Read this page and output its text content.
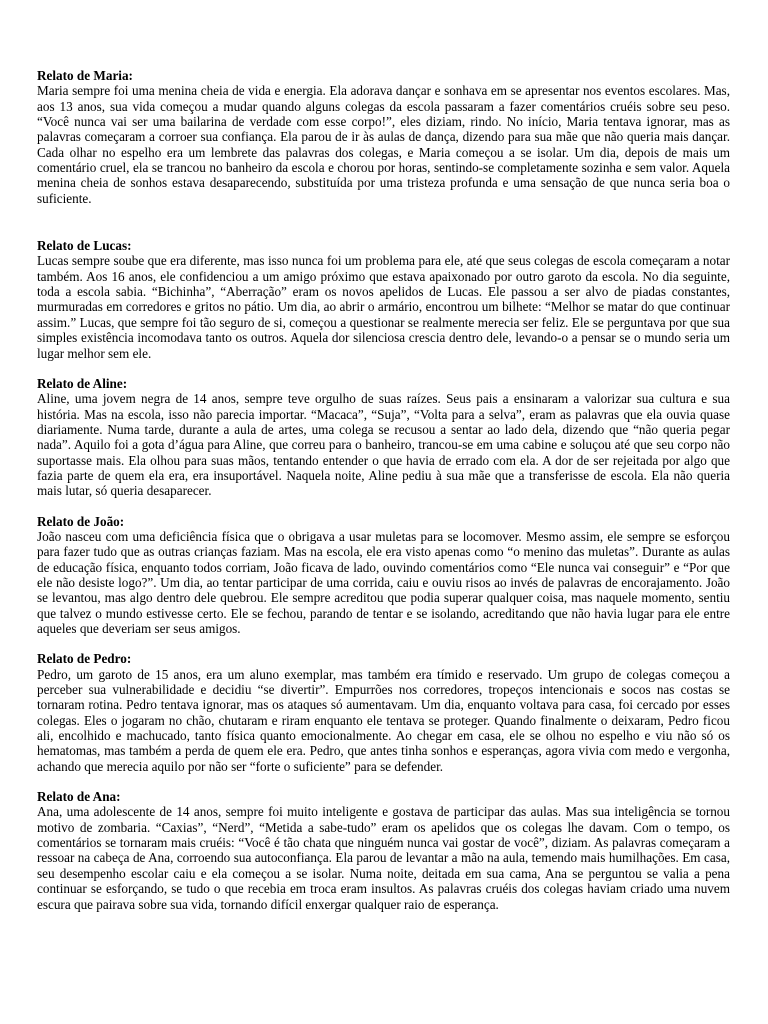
Relato de Maria:

Maria sempre foi uma menina cheia de vida e energia. Ela adorava dançar e sonhava em se apresentar nos eventos escolares. Mas, aos 13 anos, sua vida começou a mudar quando alguns colegas da escola passaram a fazer comentários cruéis sobre seu peso. “Você nunca vai ser uma bailarina de verdade com esse corpo!”, eles diziam, rindo. No início, Maria tentava ignorar, mas as palavras começaram a corroer sua confiança. Ela parou de ir às aulas de dança, dizendo para sua mãe que não queria mais dançar. Cada olhar no espelho era um lembrete das palavras dos colegas, e Maria começou a se isolar. Um dia, depois de mais um comentário cruel, ela se trancou no banheiro da escola e chorou por horas, sentindo-se completamente sozinha e sem valor. Aquela menina cheia de sonhos estava desaparecendo, substituída por uma tristeza profunda e uma sensação de que nunca seria boa o suficiente.

Relato de Lucas:

Lucas sempre soube que era diferente, mas isso nunca foi um problema para ele, até que seus colegas de escola começaram a notar também. Aos 16 anos, ele confidenciou a um amigo próximo que estava apaixonado por outro garoto da escola. No dia seguinte, toda a escola sabia. “Bichinha”, “Aberração” eram os novos apelidos de Lucas. Ele passou a ser alvo de piadas constantes, murmuradas em corredores e gritos no pátio. Um dia, ao abrir o armário, encontrou um bilhete: “Melhor se matar do que continuar assim.” Lucas, que sempre foi tão seguro de si, começou a questionar se realmente merecia ser feliz. Ele se perguntava por que sua simples existência incomodava tanto os outros. Aquela dor silenciosa crescia dentro dele, levando-o a pensar se o mundo seria um lugar melhor sem ele.

Relato de Aline:

Aline, uma jovem negra de 14 anos, sempre teve orgulho de suas raízes. Seus pais a ensinaram a valorizar sua cultura e sua história. Mas na escola, isso não parecia importar. “Macaca”, “Suja”, “Volta para a selva”, eram as palavras que ela ouvia quase diariamente. Numa tarde, durante a aula de artes, uma colega se recusou a sentar ao lado dela, dizendo que “não queria pegar nada”. Aquilo foi a gota d’água para Aline, que correu para o banheiro, trancou-se em uma cabine e soluçou até que seu corpo não suportasse mais. Ela olhou para suas mãos, tentando entender o que havia de errado com ela. A dor de ser rejeitada por algo que fazia parte de quem ela era, era insuportável. Naquela noite, Aline pediu à sua mãe que a transferisse de escola. Ela não queria mais lutar, só queria desaparecer.

Relato de João:

João nasceu com uma deficiência física que o obrigava a usar muletas para se locomover. Mesmo assim, ele sempre se esforçou para fazer tudo que as outras crianças faziam. Mas na escola, ele era visto apenas como “o menino das muletas”. Durante as aulas de educação física, enquanto todos corriam, João ficava de lado, ouvindo comentários como “Ele nunca vai conseguir” e “Por que ele não desiste logo?”. Um dia, ao tentar participar de uma corrida, caiu e ouviu risos ao invés de palavras de encorajamento. João se levantou, mas algo dentro dele quebrou. Ele sempre acreditou que podia superar qualquer coisa, mas naquele momento, sentiu que talvez o mundo estivesse certo. Ele se fechou, parando de tentar e se isolando, acreditando que não havia lugar para ele entre aqueles que deveriam ser seus amigos.

Relato de Pedro:

Pedro, um garoto de 15 anos, era um aluno exemplar, mas também era tímido e reservado. Um grupo de colegas começou a perceber sua vulnerabilidade e decidiu “se divertir”. Empurrões nos corredores, tropeços intencionais e socos nas costas se tornaram rotina. Pedro tentava ignorar, mas os ataques só aumentavam. Um dia, enquanto voltava para casa, foi cercado por esses colegas. Eles o jogaram no chão, chutaram e riram enquanto ele tentava se proteger. Quando finalmente o deixaram, Pedro ficou ali, encolhido e machucado, tanto física quanto emocionalmente. Ao chegar em casa, ele se olhou no espelho e viu não só os hematomas, mas também a perda de quem ele era. Pedro, que antes tinha sonhos e esperanças, agora vivia com medo e vergonha, achando que merecia aquilo por não ser “forte o suficiente” para se defender.

Relato de Ana:

Ana, uma adolescente de 14 anos, sempre foi muito inteligente e gostava de participar das aulas. Mas sua inteligência se tornou motivo de zombaria. “Caxias”, “Nerd”, “Metida a sabe-tudo” eram os apelidos que os colegas lhe davam. Com o tempo, os comentários se tornaram mais cruéis: “Você é tão chata que ninguém nunca vai gostar de você”, diziam. As palavras começaram a ressoar na cabeça de Ana, corroendo sua autoconfiança. Ela parou de levantar a mão na aula, temendo mais humilhações. Em casa, seu desempenho escolar caiu e ela começou a se isolar. Numa noite, deitada em sua cama, Ana se perguntou se valia a pena continuar se esforçando, se tudo o que recebia em troca eram insultos. As palavras cruéis dos colegas haviam criado uma nuvem escura que pairava sobre sua vida, tornando difícil enxergar qualquer raio de esperança.
